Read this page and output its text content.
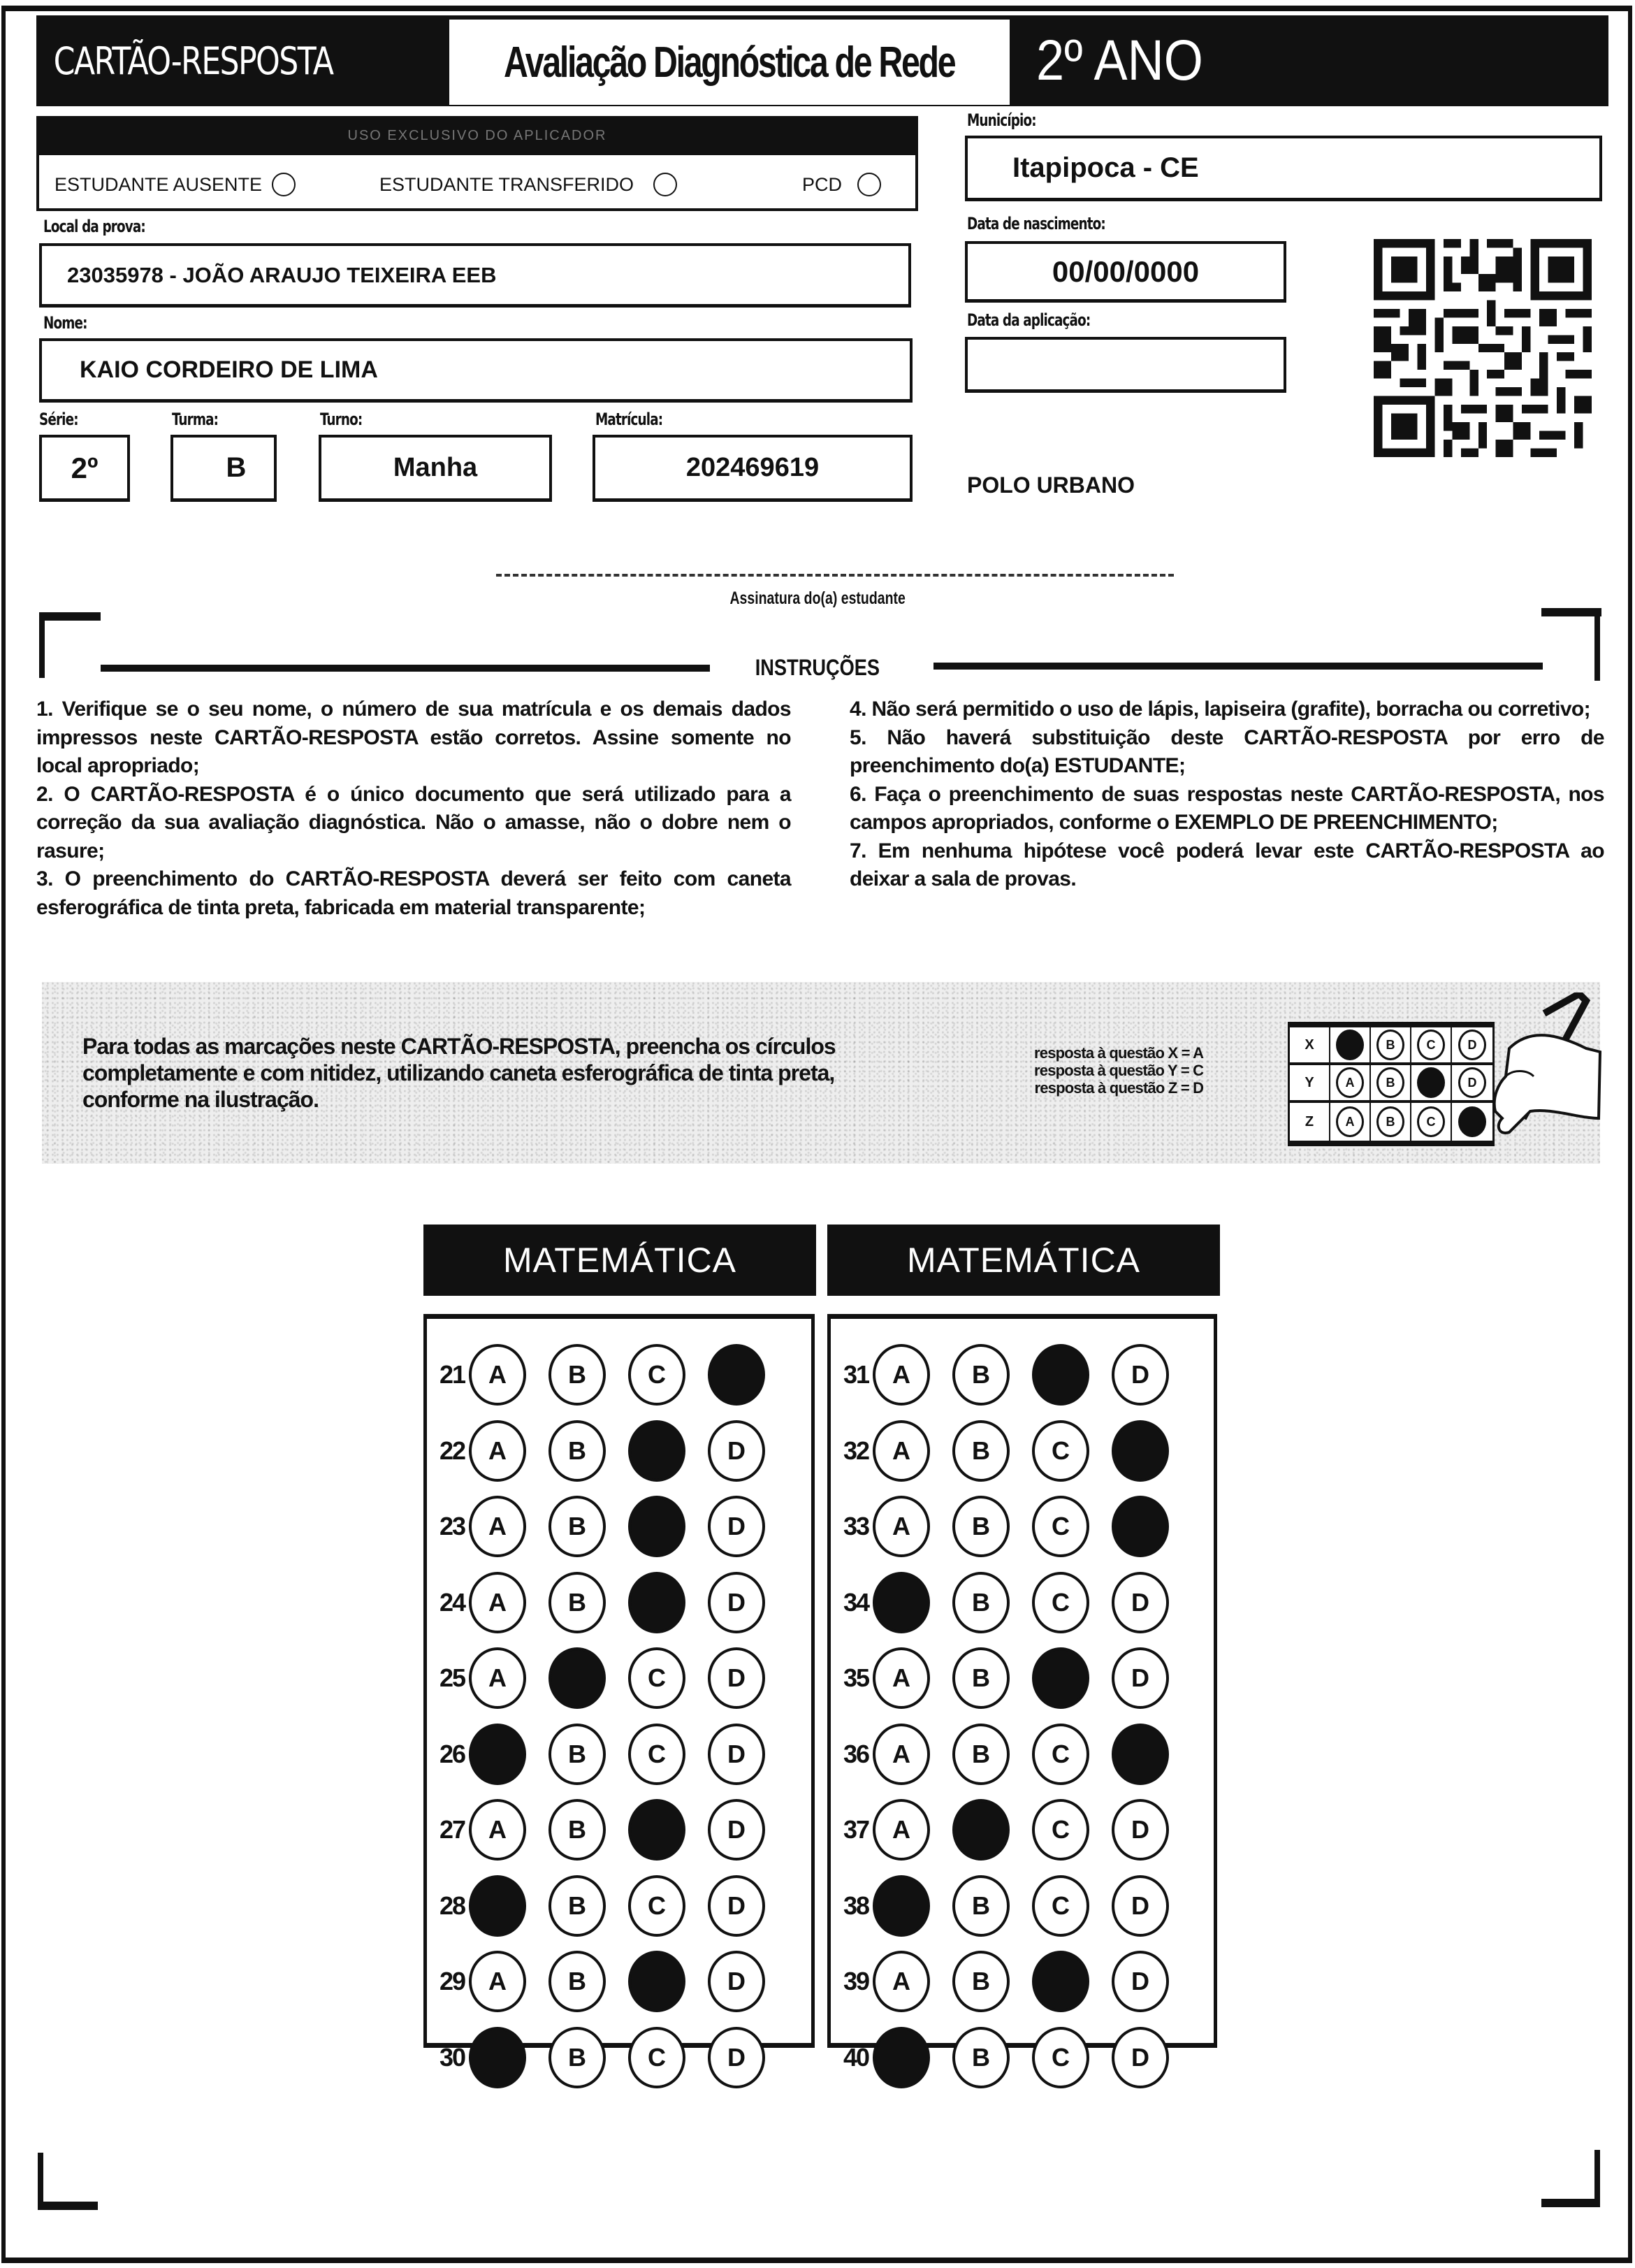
CARTÃO-RESPOSTA	Avaliação Diagnóstica de Rede 2º ANO
USO EXCLUSIVO DO APLICADOR
ESTUDANTE AUSENTE	ESTUDANTE TRANSFERIDO	PCD
Local da prova:
23035978 - JOÃO ARAUJO TEIXEIRA EEB
Nome:
KAIO CORDEIRO DE LIMA
Série:
2º
Turma:
B
Turno:
Manha
Matrícula:
202469619
Município:
Itapipoca - CE
Data de nascimento:
00/00/0000
Data da aplicação:
POLO URBANO
Assinatura do(a) estudante
INSTRUÇÕES

1. Verifique se o seu nome, o número de sua matrícula e os demais dados impressos neste CARTÃO-RESPOSTA estão corretos. Assine somente no local apropriado;

2. O CARTÃO-RESPOSTA é o único documento que será utilizado para a correção da sua avaliação diagnóstica. Não o amasse, não o dobre nem o rasure;

3. O preenchimento do CARTÃO-RESPOSTA deverá ser feito com caneta esferográfica de tinta preta, fabricada em material transparente;

4. Não será permitido o uso de lápis, lapiseira (grafite), borracha ou corretivo;

5. Não haverá substituição deste CARTÃO-RESPOSTA por erro de preenchimento do(a) ESTUDANTE;

6. Faça o preenchimento de suas respostas neste CARTÃO-RESPOSTA, nos campos apropriados, conforme o EXEMPLO DE PREENCHIMENTO;

7. Em nenhuma hipótese você poderá levar este CARTÃO-RESPOSTA ao deixar a sala de provas.

Para todas as marcações neste CARTÃO-RESPOSTA, preencha os círculos completamente e com nitidez, utilizando caneta esferográfica de tinta preta, conforme na ilustração.
resposta à questão X = A
resposta à questão Y = C
resposta à questão Z = D
X	B	C	D
Y	A	B	D
Z	A	B	C
MATEMÁTICA	MATEMÁTICA
21 A	B	C
22 A	B	D
23 A	B	D
24 A	B	D
25 A	C	D
26	B	C	D
27 A	B	D
28	B	C	D
29 A	B	D
30	B	C	D
31 A	B	D
32 A	B	C
33 A	B	C
34	B	C	D
35 A	B	D
36 A	B	C
37 A	C	D
38	B	C	D
39 A	B	D
40	B	C	D
